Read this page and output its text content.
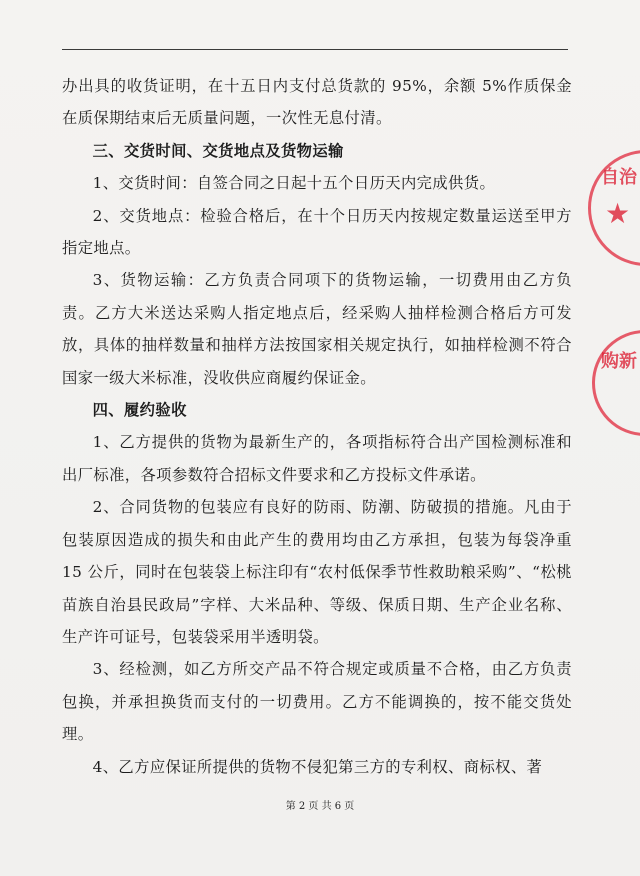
办出具的收货证明，在十五日内支付总货款的 95%，余额 5%作质保金在质保期结束后无质量问题，一次性无息付清。

三、交货时间、交货地点及货物运输

1、交货时间：自签合同之日起十五个日历天内完成供货。

2、交货地点：检验合格后，在十个日历天内按规定数量运送至甲方指定地点。

3、货物运输：乙方负责合同项下的货物运输，一切费用由乙方负责。乙方大米送达采购人指定地点后，经采购人抽样检测合格后方可发放，具体的抽样数量和抽样方法按国家相关规定执行，如抽样检测不符合国家一级大米标准，没收供应商履约保证金。

四、履约验收

1、乙方提供的货物为最新生产的，各项指标符合出产国检测标准和出厂标准，各项参数符合招标文件要求和乙方投标文件承诺。

2、合同货物的包装应有良好的防雨、防潮、防破损的措施。凡由于包装原因造成的损失和由此产生的费用均由乙方承担，包装为每袋净重 15 公斤，同时在包装袋上标注印有“农村低保季节性救助粮采购”、“松桃苗族自治县民政局”字样、大米品种、等级、保质日期、生产企业名称、生产许可证号，包装袋采用半透明袋。

3、经检测，如乙方所交产品不符合规定或质量不合格，由乙方负责包换，并承担换货而支付的一切费用。乙方不能调换的，按不能交货处理。

4、乙方应保证所提供的货物不侵犯第三方的专利权、商标权、著

第 2 页 共 6 页
自治
★
购新
